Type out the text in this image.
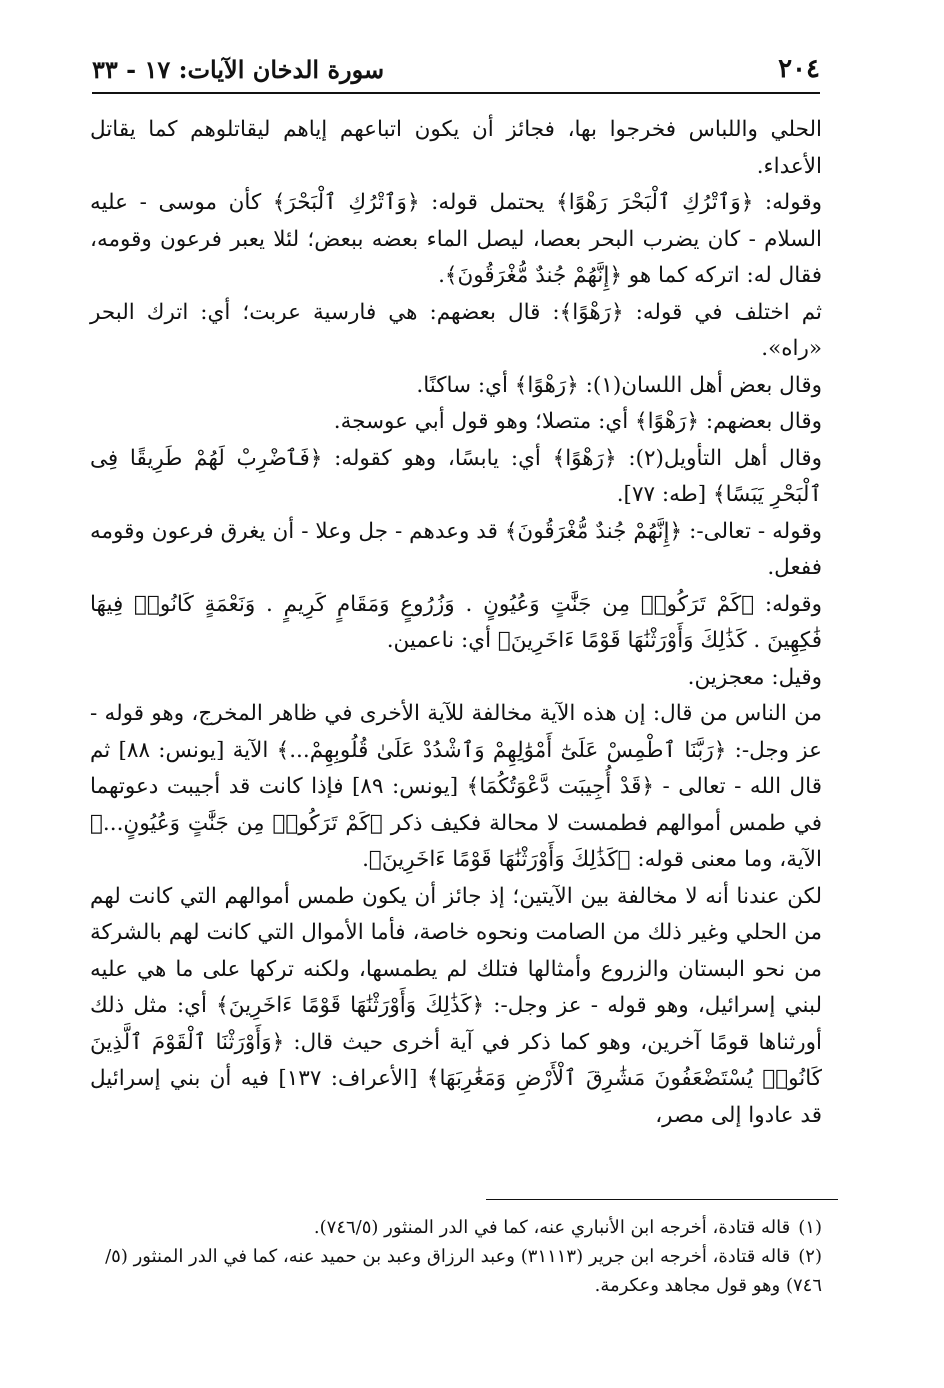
٢٠٤
سورة الدخان الآيات: ١٧ - ٣٣

الحلي واللباس فخرجوا بها، فجائز أن يكون اتباعهم إياهم ليقاتلوهم كما يقاتل الأعداء.

وقوله: ﴿وَٱتْرُكِ ٱلْبَحْرَ رَهْوًا﴾ يحتمل قوله: ﴿وَٱتْرُكِ ٱلْبَحْرَ﴾ كأن موسى - عليه السلام - كان يضرب البحر بعصا، ليصل الماء بعضه ببعض؛ لئلا يعبر فرعون وقومه، فقال له: اتركه كما هو ﴿إِنَّهُمْ جُندٌ مُّغْرَقُونَ﴾.

ثم اختلف في قوله: ﴿رَهْوًا﴾: قال بعضهم: هي فارسية عربت؛ أي: اترك البحر «راه».

وقال بعض أهل اللسان(١): ﴿رَهْوًا﴾ أي: ساكنًا.

وقال بعضهم: ﴿رَهْوًا﴾ أي: متصلا؛ وهو قول أبي عوسجة.

وقال أهل التأويل(٢): ﴿رَهْوًا﴾ أي: يابسًا، وهو كقوله: ﴿فَٱضْرِبْ لَهُمْ طَرِيقًا فِى ٱلْبَحْرِ يَبَسًا﴾ [طه: ٧٧].

وقوله - تعالى-: ﴿إِنَّهُمْ جُندٌ مُّغْرَقُونَ﴾ قد وعدهم - جل وعلا - أن يغرق فرعون وقومه ففعل.

وقوله: ﴿كَمْ تَرَكُوا۟ مِن جَنَّٰتٍ وَعُيُونٍ . وَزُرُوعٍ وَمَقَامٍ كَرِيمٍ . وَنَعْمَةٍ كَانُوا۟ فِيهَا فَٰكِهِينَ . كَذَٰلِكَ وَأَوْرَثْنَٰهَا قَوْمًا ءَاخَرِينَ﴾ أي: ناعمين.

وقيل: معجزين.

من الناس من قال: إن هذه الآية مخالفة للآية الأخرى في ظاهر المخرج، وهو قوله - عز وجل-: ﴿رَبَّنَا ٱطْمِسْ عَلَىٰٓ أَمْوَٰلِهِمْ وَٱشْدُدْ عَلَىٰ قُلُوبِهِمْ...﴾ الآية [يونس: ٨٨] ثم قال الله - تعالى - ﴿قَدْ أُجِيبَت دَّعْوَتُكُمَا﴾ [يونس: ٨٩] فإذا كانت قد أجيبت دعوتهما في طمس أموالهم فطمست لا محالة فكيف ذكر ﴿كَمْ تَرَكُوا۟ مِن جَنَّٰتٍ وَعُيُونٍ...﴾ الآية، وما معنى قوله: ﴿كَذَٰلِكَ وَأَوْرَثْنَٰهَا قَوْمًا ءَاخَرِينَ﴾.

لكن عندنا أنه لا مخالفة بين الآيتين؛ إذ جائز أن يكون طمس أموالهم التي كانت لهم من الحلي وغير ذلك من الصامت ونحوه خاصة، فأما الأموال التي كانت لهم بالشركة من نحو البستان والزروع وأمثالها فتلك لم يطمسها، ولكنه تركها على ما هي عليه لبني إسرائيل، وهو قوله - عز وجل-: ﴿كَذَٰلِكَ وَأَوْرَثْنَٰهَا قَوْمًا ءَاخَرِينَ﴾ أي: مثل ذلك أورثناها قومًا آخرين، وهو كما ذكر في آية أخرى حيث قال: ﴿وَأَوْرَثْنَا ٱلْقَوْمَ ٱلَّذِينَ كَانُوا۟ يُسْتَضْعَفُونَ مَشَٰرِقَ ٱلْأَرْضِ وَمَغَٰرِبَهَا﴾ [الأعراف: ١٣٧] فيه أن بني إسرائيل قد عادوا إلى مصر،

(١)قاله قتادة، أخرجه ابن الأنباري عنه، كما في الدر المنثور (٧٤٦/٥).

(٢)قاله قتادة، أخرجه ابن جرير (٣١١١٣) وعبد الرزاق وعبد بن حميد عنه، كما في الدر المنثور (٥/ ٧٤٦) وهو قول مجاهد وعكرمة.
